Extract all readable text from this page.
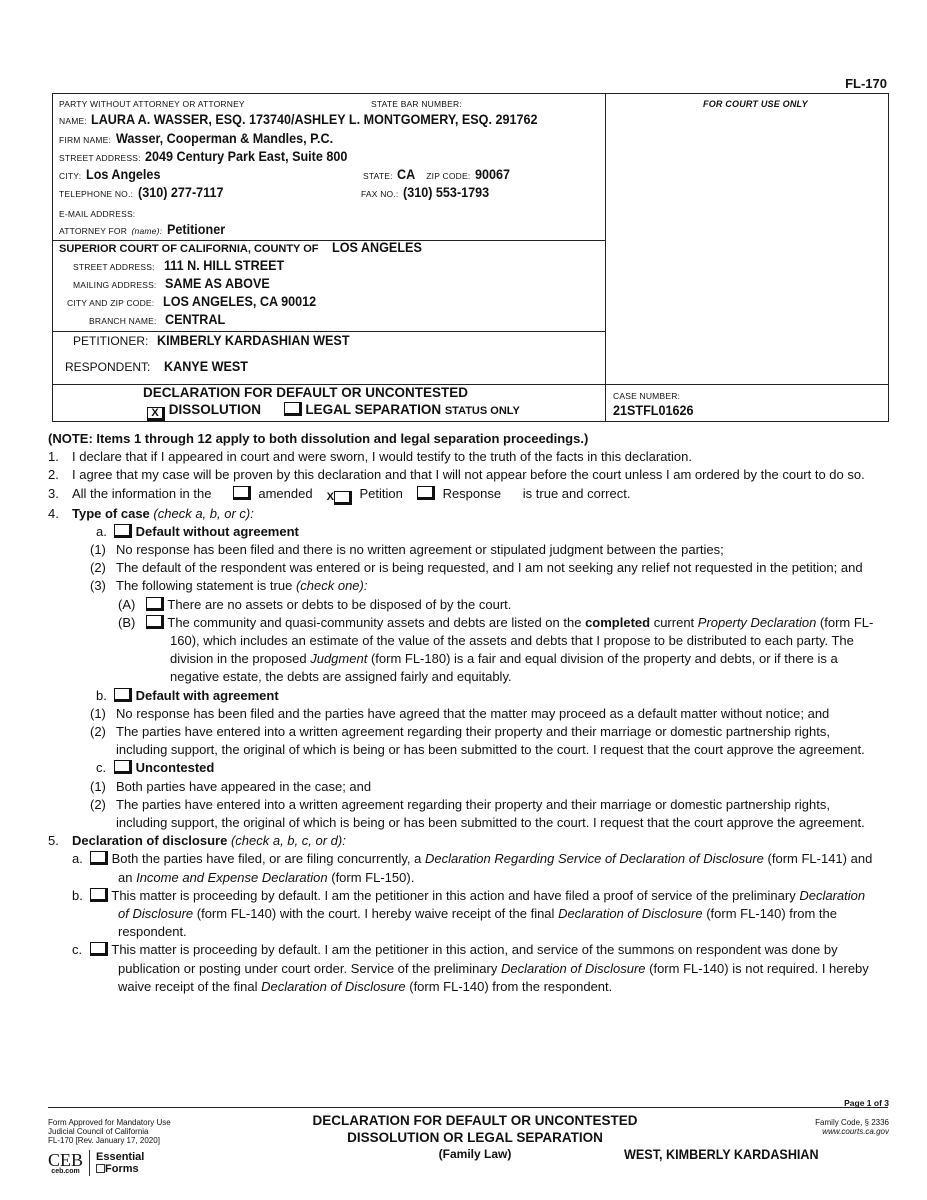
FL-170
PARTY WITHOUT ATTORNEY OR ATTORNEY	STATE BAR NUMBER:	FOR COURT USE ONLY
NAME: LAURA A. WASSER, ESQ. 173740/ASHLEY L. MONTGOMERY, ESQ. 291762
FIRM NAME: Wasser, Cooperman & Mandles, P.C.
STREET ADDRESS: 2049 Century Park East, Suite 800
CITY: Los Angeles	STATE: CA ZIP CODE: 90067
TELEPHONE NO.: (310) 277-7117	FAX NO.: (310) 553-1793
E-MAIL ADDRESS:
ATTORNEY FOR (name): Petitioner
SUPERIOR COURT OF CALIFORNIA, COUNTY OF LOS ANGELES
STREET ADDRESS: 111 N. HILL STREET
MAILING ADDRESS: SAME AS ABOVE
CITY AND ZIP CODE: LOS ANGELES, CA 90012
BRANCH NAME: CENTRAL
PETITIONER: KIMBERLY KARDASHIAN WEST
RESPONDENT: KANYE WEST
DECLARATION FOR DEFAULT OR UNCONTESTED
X DISSOLUTION	LEGAL SEPARATION STATUS ONLY
CASE NUMBER:
21STFL01626

(NOTE: Items 1 through 12 apply to both dissolution and legal separation proceedings.)

1. I declare that if I appeared in court and were sworn, I would testify to the truth of the facts in this declaration.

2. I agree that my case will be proven by this declaration and that I will not appear before the court unless I am ordered by the court to do so.

3. All the information in the	amended X Petition	Response is true and correct.

4. Type of case (check a, b, or c):

a. Default without agreement

(1) No response has been filed and there is no written agreement or stipulated judgment between the parties;

(2) The default of the respondent was entered or is being requested, and I am not seeking any relief not requested in the petition; and

(3) The following statement is true (check one):

(A) There are no assets or debts to be disposed of by the court.

(B) The community and quasi-community assets and debts are listed on the completed current Property Declaration (form FL-160), which includes an estimate of the value of the assets and debts that I propose to be distributed to each party. The division in the proposed Judgment (form FL-180) is a fair and equal division of the property and debts, or if there is a negative estate, the debts are assigned fairly and equitably.

b. Default with agreement

(1) No response has been filed and the parties have agreed that the matter may proceed as a default matter without notice; and

(2) The parties have entered into a written agreement regarding their property and their marriage or domestic partnership rights, including support, the original of which is being or has been submitted to the court. I request that the court approve the agreement.

c. Uncontested

(1) Both parties have appeared in the case; and

(2) The parties have entered into a written agreement regarding their property and their marriage or domestic partnership rights, including support, the original of which is being or has been submitted to the court. I request that the court approve the agreement.

5. Declaration of disclosure (check a, b, c, or d):

a. Both the parties have filed, or are filing concurrently, a Declaration Regarding Service of Declaration of Disclosure (form FL-141) and an Income and Expense Declaration (form FL-150).

b. This matter is proceeding by default. I am the petitioner in this action and have filed a proof of service of the preliminary Declaration of Disclosure (form FL-140) with the court. I hereby waive receipt of the final Declaration of Disclosure (form FL-140) from the respondent.

c. This matter is proceeding by default. I am the petitioner in this action, and service of the summons on respondent was done by publication or posting under court order. Service of the preliminary Declaration of Disclosure (form FL-140) is not required. I hereby waive receipt of the final Declaration of Disclosure (form FL-140) from the respondent.

Page 1 of 3
Form Approved for Mandatory Use
Judicial Council of California
FL-170 [Rev. January 17, 2020]
CEB
ceb.com
Essential
Forms
DECLARATION FOR DEFAULT OR UNCONTESTED
DISSOLUTION OR LEGAL SEPARATION
(Family Law)
Family Code, § 2336
www.courts.ca.gov
WEST, KIMBERLY KARDASHIAN
